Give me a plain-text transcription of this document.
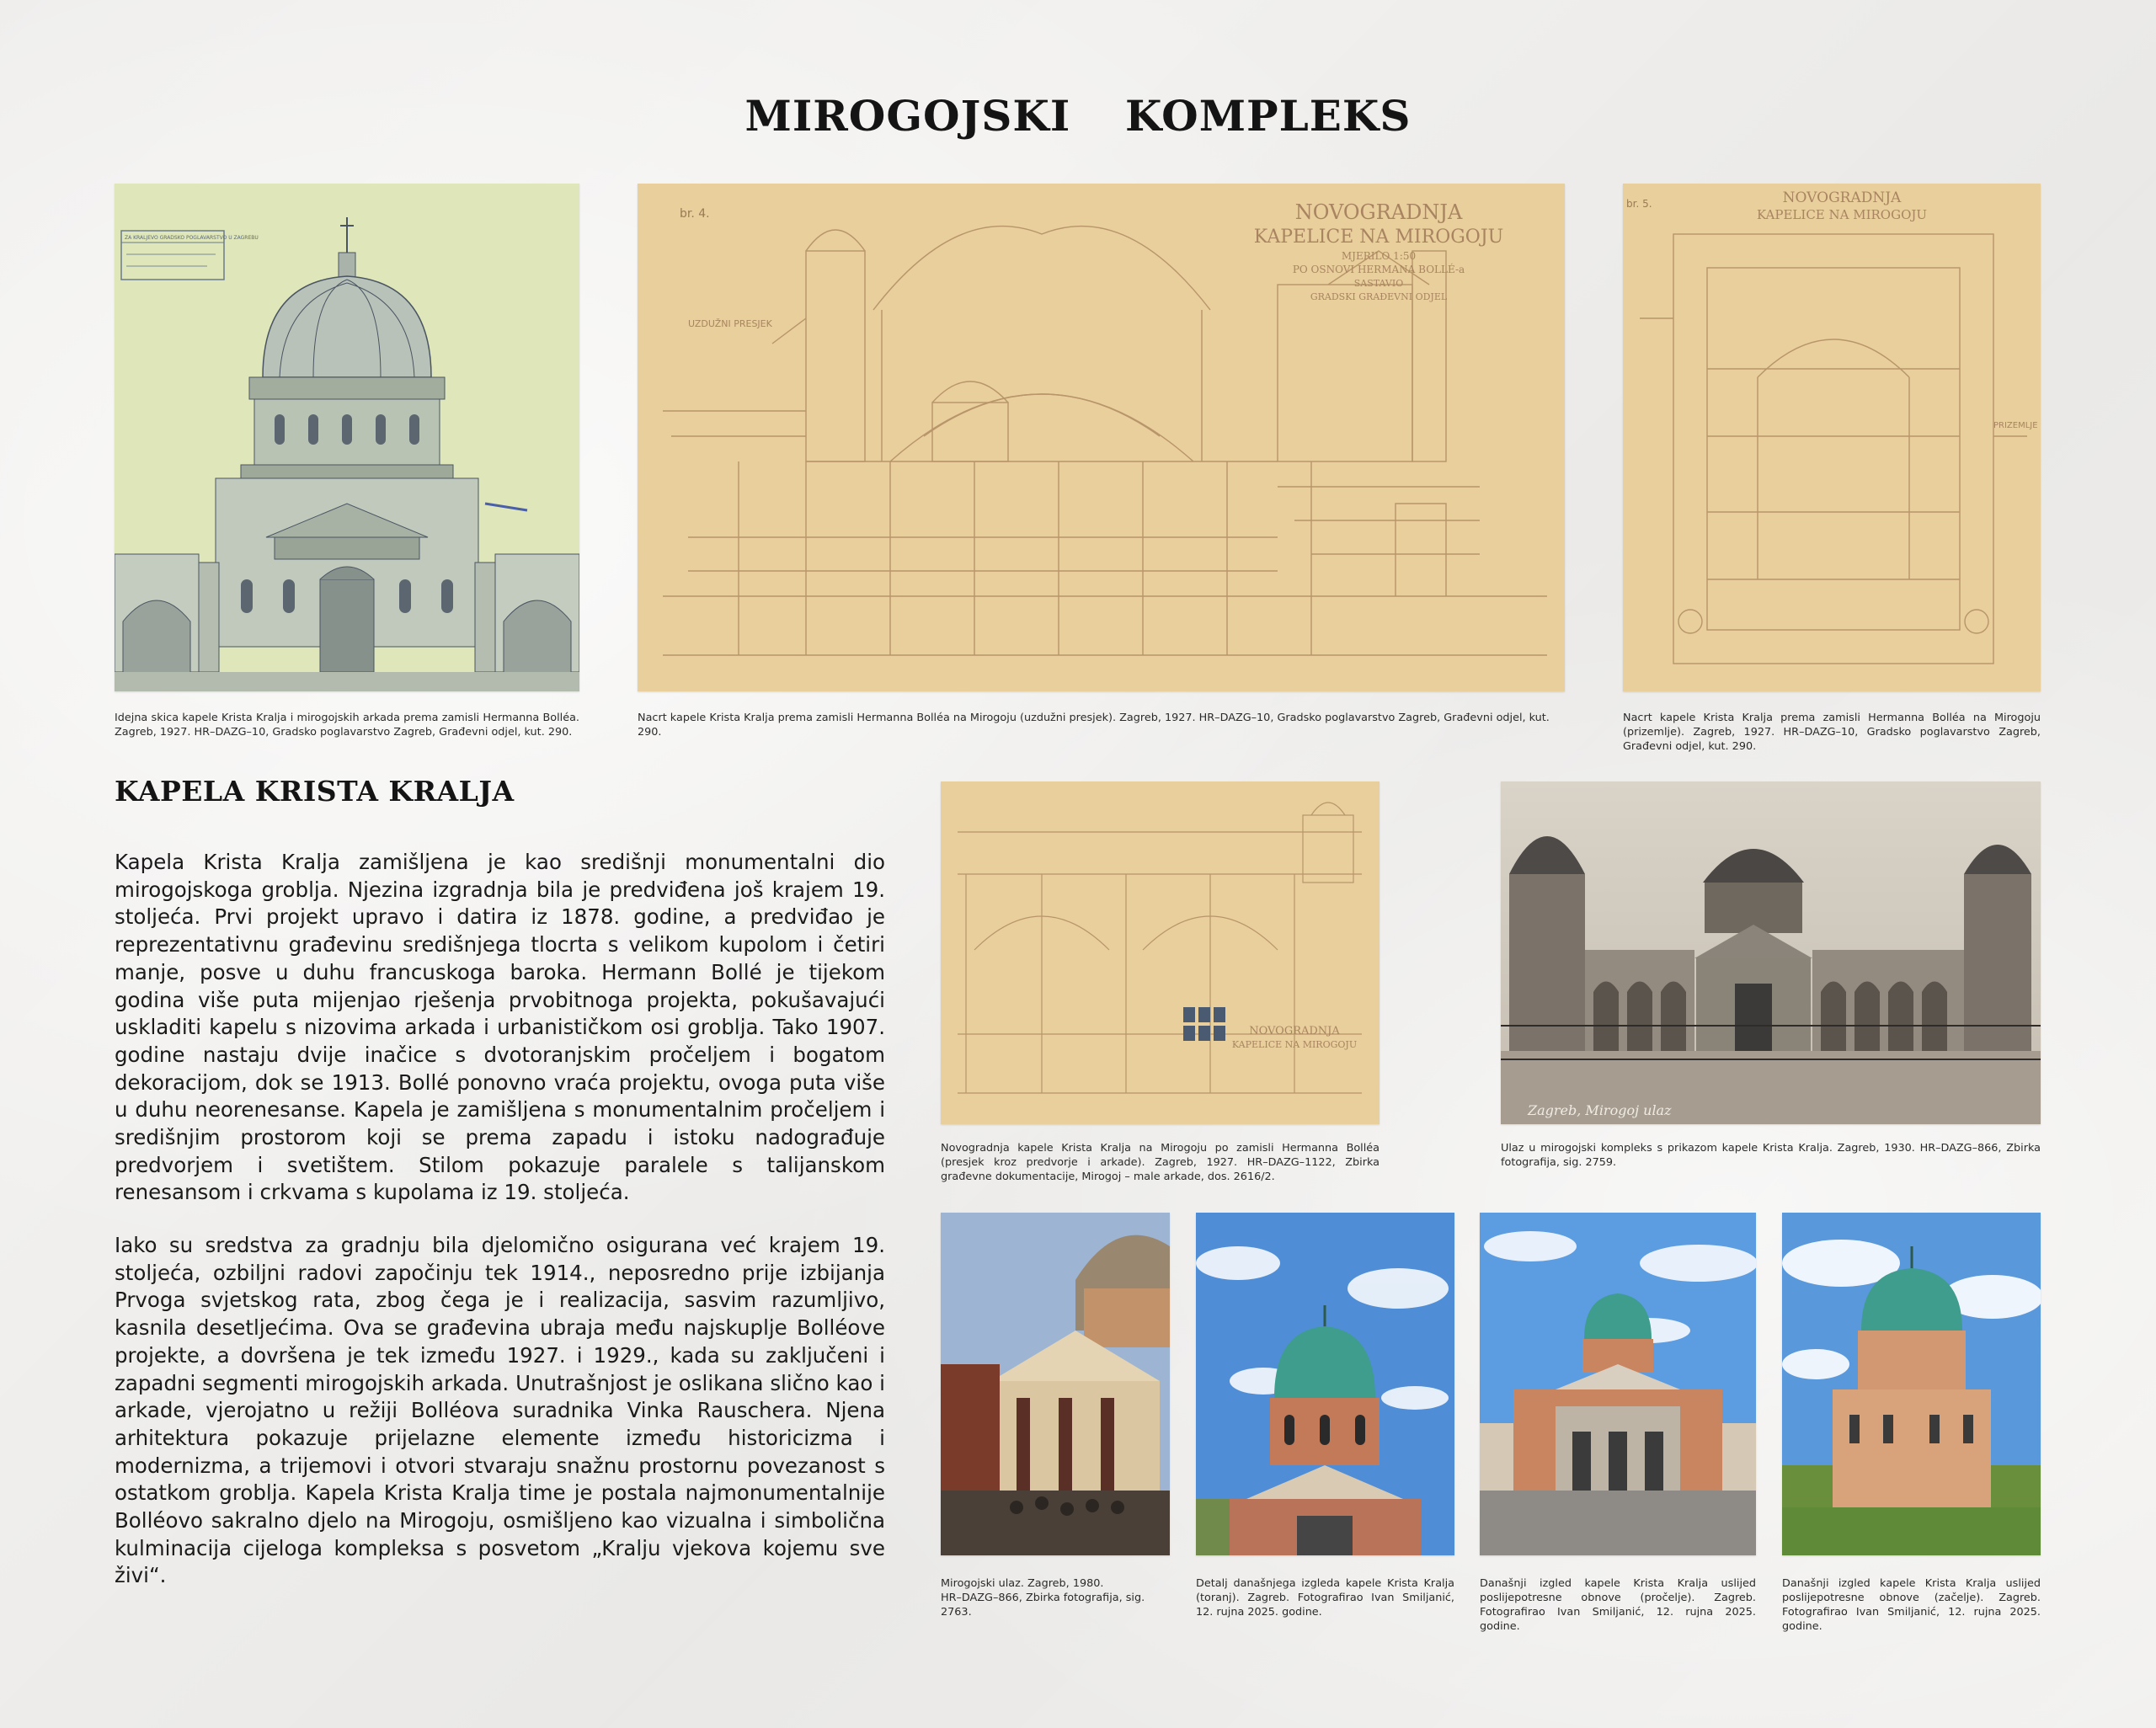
MIROGOJSKI  KOMPLEKS
ZA KRALJEVO GRADSKO POGLAVARSTVO U ZAGREBU
Idejna skica kapele Krista Kralja i mirogojskih arkada prema zamisli Hermanna Bolléa. Zagreb, 1927. HR–DAZG–10, Gradsko poglavarstvo Zagreb, Građevni odjel, kut. 290.
br. 4.	NOVOGRADNJA
KAPELICE NA MIROGOJU
MJERILO 1:50
PO OSNOVI HERMANA BOLLÉ-a
SASTAVIO
GRADSKI GRAĐEVNI ODJEL
UZDUŽNI PRESJEK
Nacrt kapele Krista Kralja prema zamisli Hermanna Bolléa na Mirogoju (uzdužni presjek). Zagreb, 1927. HR–DAZG–10, Gradsko poglavarstvo Zagreb, Građevni odjel, kut. 290.
br. 5.	NOVOGRADNJA
KAPELICE NA MIROGOJU
PRIZEMLJE
Nacrt kapele Krista Kralja prema zamisli Hermanna Bolléa na Mirogoju (prizemlje). Zagreb, 1927. HR–DAZG–10, Gradsko poglavarstvo Zagreb, Građevni odjel, kut. 290.
KAPELA KRISTA KRALJA
Kapela Krista Kralja zamišljena je kao središnji monumentalni dio mirogojskoga groblja. Njezina izgradnja bila je predviđena još krajem 19. stoljeća. Prvi projekt upravo i datira iz 1878. godine, a predviđao je reprezentativnu građevinu središnjega tlocrta s velikom kupolom i četiri manje, posve u duhu francuskoga baroka. Hermann Bollé je tijekom godina više puta mijenjao rješenja prvobitnoga projekta, pokušavajući uskladiti kapelu s nizovima arkada i urbanističkom osi groblja. Tako 1907. godine nastaju dvije inačice s dvotoranjskim pročeljem i bogatom dekoracijom, dok se 1913. Bollé ponovno vraća projektu, ovoga puta više u duhu neorenesanse. Kapela je zamišljena s monumentalnim pročeljem i središnjim prostorom koji se prema zapadu i istoku nadograđuje predvorjem i svetištem. Stilom pokazuje paralele s talijanskom renesansom i crkvama s kupolama iz 19. stoljeća.
Iako su sredstva za gradnju bila djelomično osigurana već krajem 19. stoljeća, ozbiljni radovi započinju tek 1914., neposredno prije izbijanja Prvoga svjetskog rata, zbog čega je i realizacija, sasvim razumljivo, kasnila desetljećima. Ova se građevina ubraja među najskuplje Bolléove projekte, a dovršena je tek između 1927. i 1929., kada su zaključeni i zapadni segmenti mirogojskih arkada. Unutrašnjost je oslikana slično kao i arkade, vjerojatno u režiji Bolléova suradnika Vinka Rauschera. Njena arhitektura pokazuje prijelazne elemente između historicizma i modernizma, a trijemovi i otvori stvaraju snažnu prostornu povezanost s ostatkom groblja. Kapela Krista Kralja time je postala najmonumentalnije Bolléovo sakralno djelo na Mirogoju, osmišljeno kao vizualna i simbolična kulminacija cijeloga kompleksa s posvetom „Kralju vjekova kojemu sve živi“.
NOVOGRADNJA
KAPELICE NA MIROGOJU
Novogradnja kapele Krista Kralja na Mirogoju po zamisli Hermanna Bolléa (presjek kroz predvorje i arkade). Zagreb, 1927. HR–DAZG–1122, Zbirka građevne dokumentacije, Mirogoj – male arkade, dos. 2616/2.
Zagreb, Mirogoj ulaz
Ulaz u mirogojski kompleks s prikazom kapele Krista Kralja. Zagreb, 1930. HR–DAZG–866, Zbirka fotografija, sig. 2759.
Mirogojski ulaz. Zagreb, 1980.
HR–DAZG–866, Zbirka fotografija, sig. 2763.
Detalj današnjega izgleda kapele Krista Kralja (toranj). Zagreb. Fotografirao Ivan Smiljanić, 12. rujna 2025. godine.
Današnji izgled kapele Krista Kralja uslijed poslijepotresne obnove (pročelje). Zagreb. Fotografirao Ivan Smiljanić, 12. rujna 2025. godine.
Današnji izgled kapele Krista Kralja uslijed poslijepotresne obnove (začelje). Zagreb. Fotografirao Ivan Smiljanić, 12. rujna 2025. godine.
